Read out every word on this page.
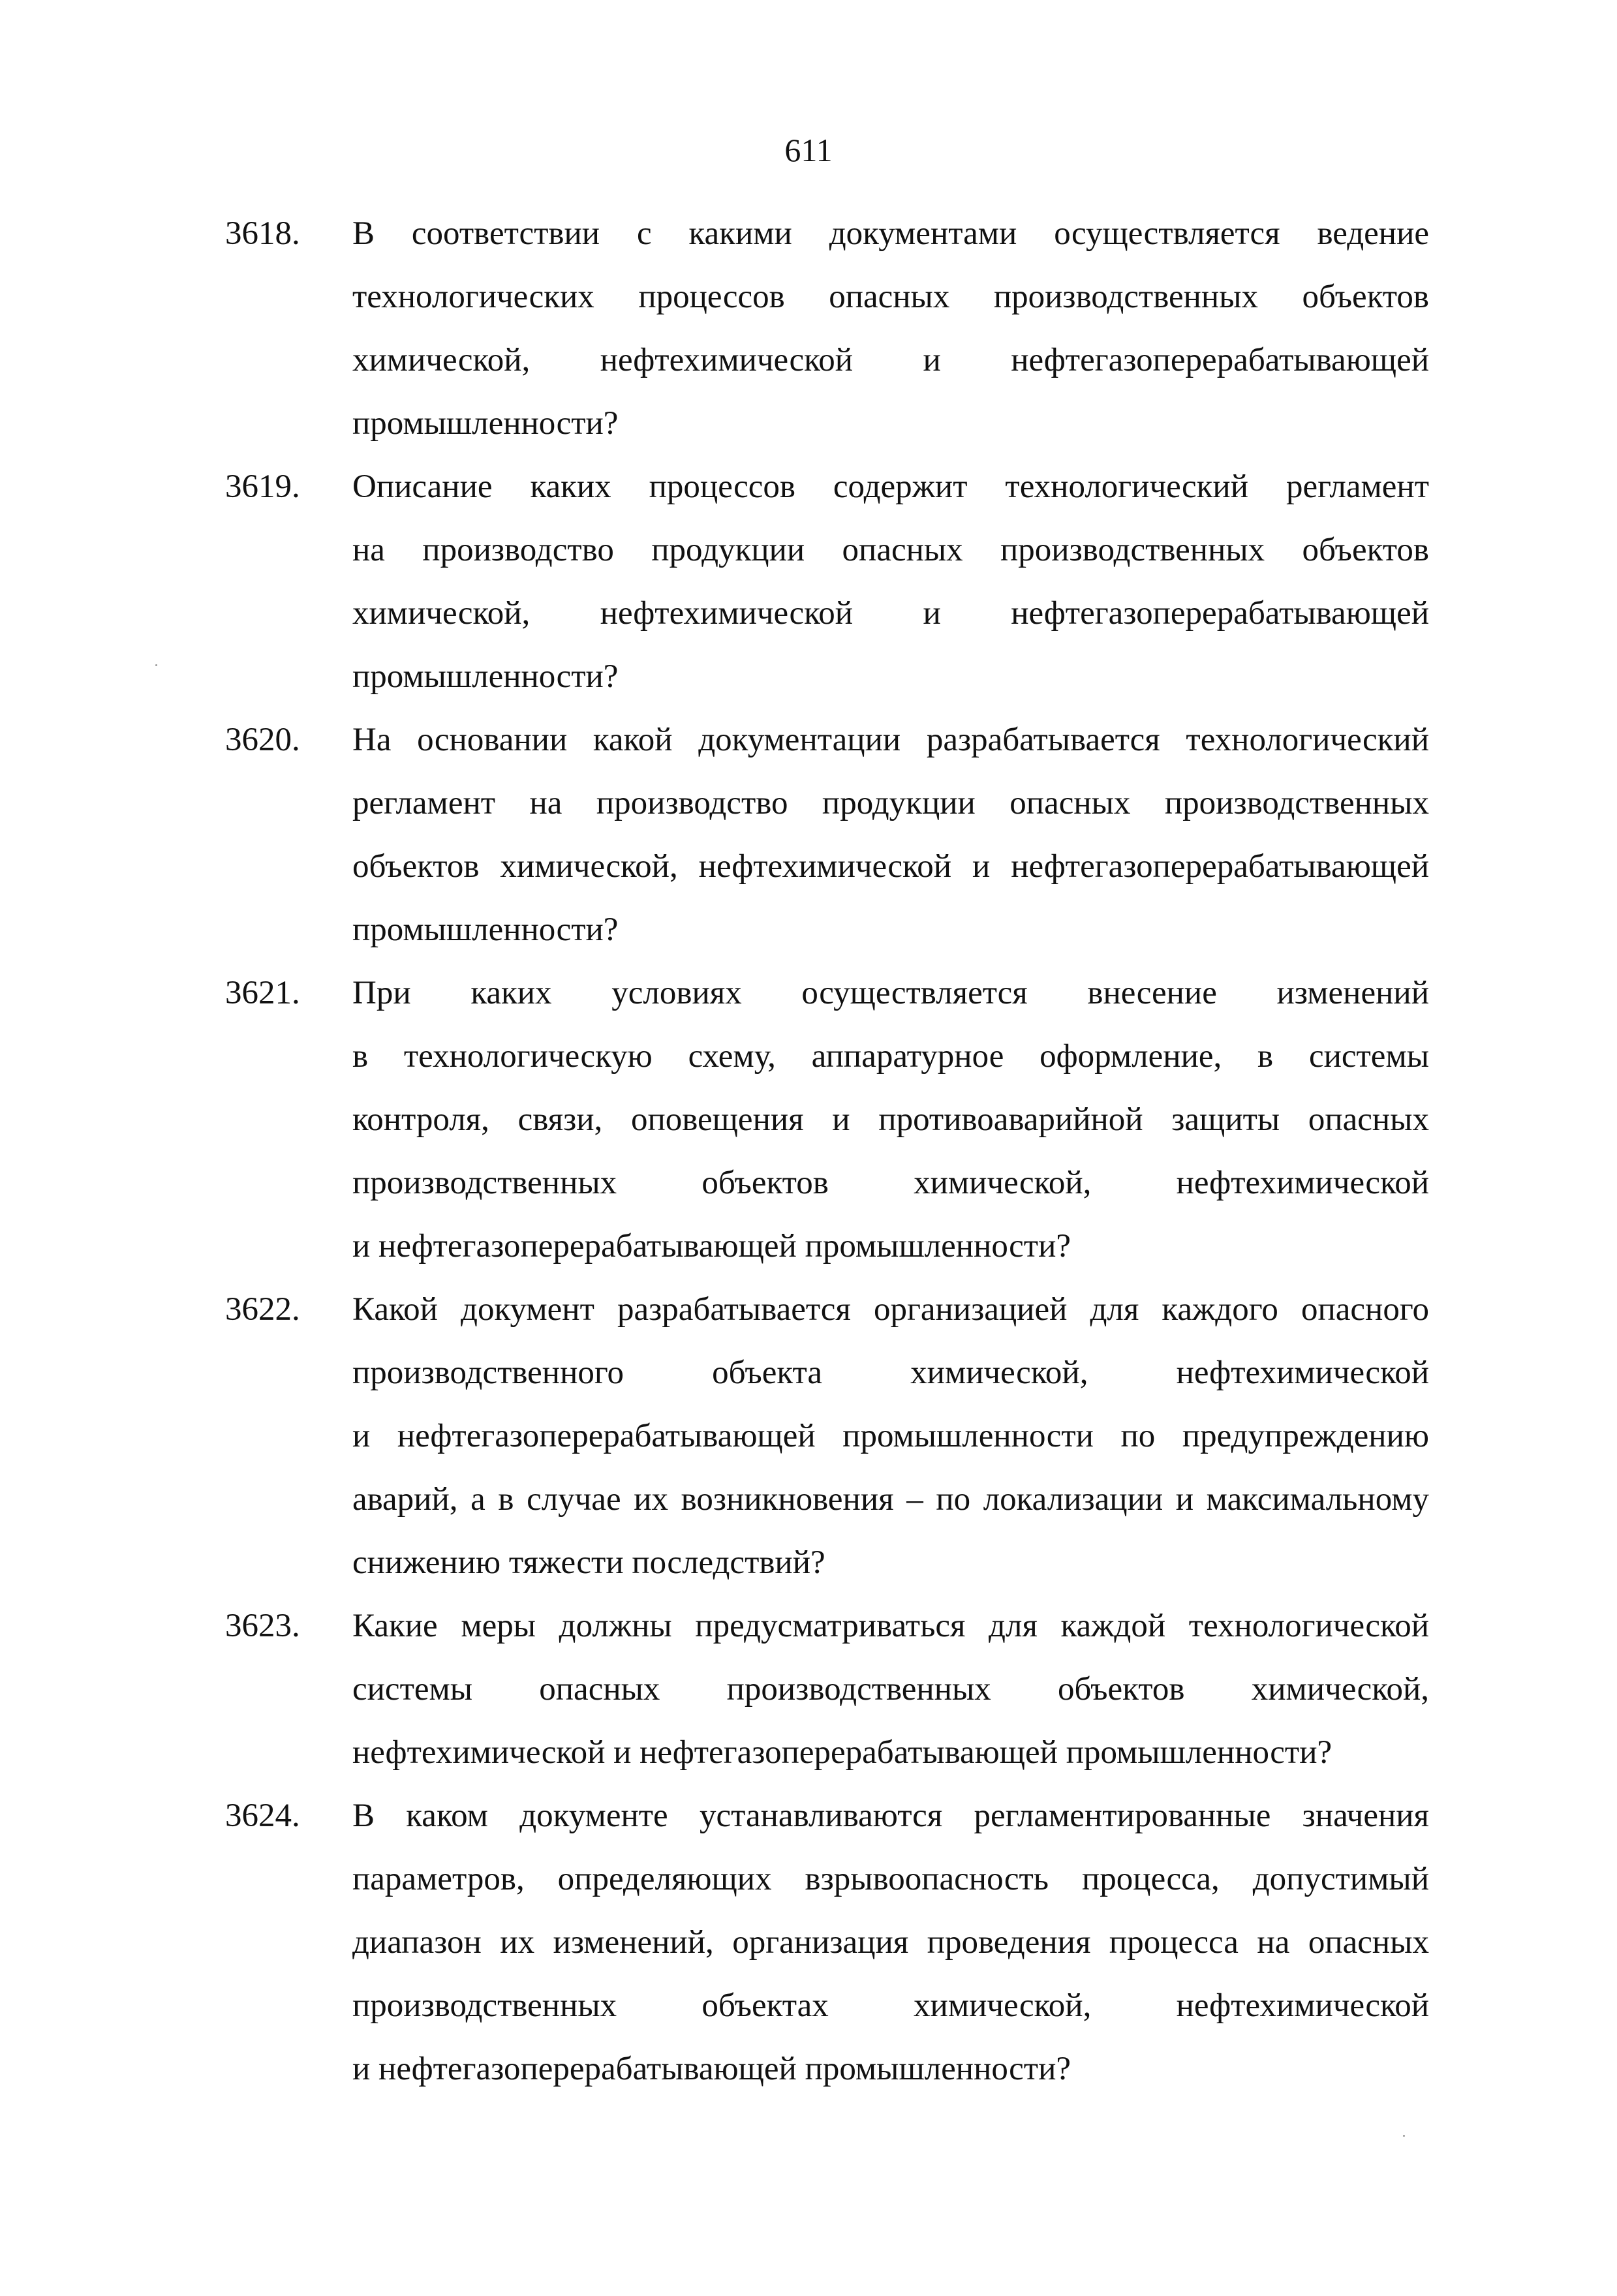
611
3618. В соответствии с какими документами осуществляется ведение
технологических процессов опасных производственных объектов
химической, нефтехимической и нефтегазоперерабатывающей
промышленности?
3619. Описание каких процессов содержит технологический регламент
на производство продукции опасных производственных объектов
химической, нефтехимической и нефтегазоперерабатывающей
промышленности?
3620. На основании какой документации разрабатывается технологический
регламент на производство продукции опасных производственных
объектов химической, нефтехимической и нефтегазоперерабатывающей
промышленности?
3621. При каких условиях осуществляется внесение изменений
в технологическую схему, аппаратурное оформление, в системы
контроля, связи, оповещения и противоаварийной защиты опасных
производственных объектов химической, нефтехимической
и нефтегазоперерабатывающей промышленности?
3622. Какой документ разрабатывается организацией для каждого опасного
производственного объекта химической, нефтехимической
и нефтегазоперерабатывающей промышленности по предупреждению
аварий, а в случае их возникновения – по локализации и максимальному
снижению тяжести последствий?
3623. Какие меры должны предусматриваться для каждой технологической
системы опасных производственных объектов химической,
нефтехимической и нефтегазоперерабатывающей промышленности?
3624. В каком документе устанавливаются регламентированные значения
параметров, определяющих взрывоопасность процесса, допустимый
диапазон их изменений, организация проведения процесса на опасных
производственных объектах химической, нефтехимической
и нефтегазоперерабатывающей промышленности?
